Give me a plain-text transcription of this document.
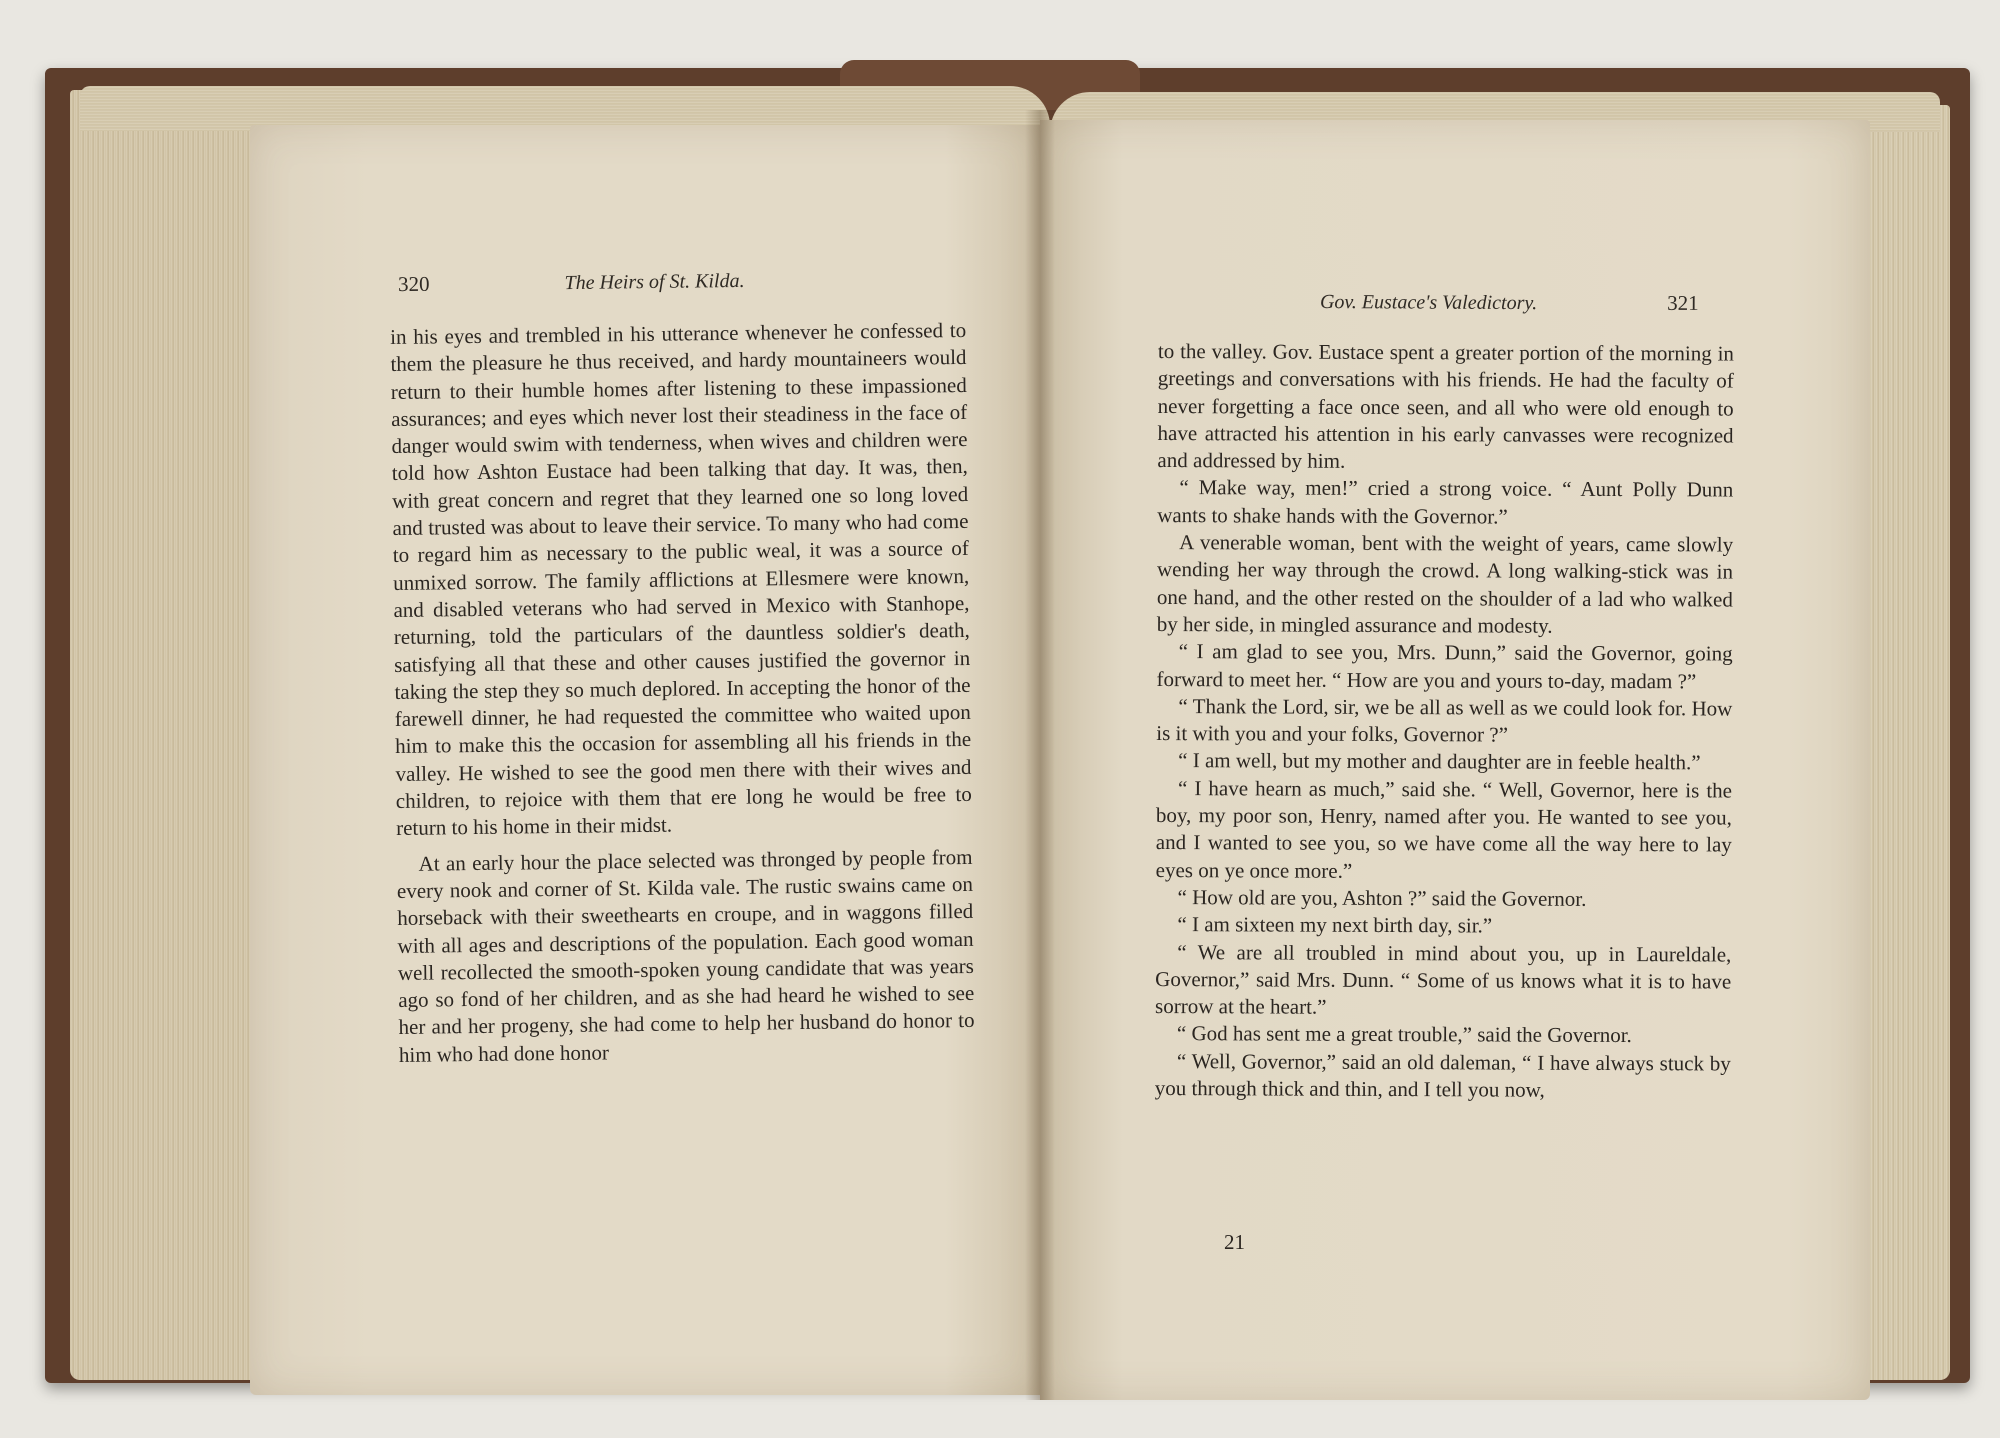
320	The Heirs of St. Kilda.
Gov. Eustace's Valedictory.	321

in his eyes and trembled in his utterance whenever he confessed to them the pleasure he thus received, and hardy mountaineers would return to their humble homes after listening to these impassioned assurances; and eyes which never lost their steadiness in the face of danger would swim with tenderness, when wives and children were told how Ashton Eustace had been talking that day. It was, then, with great concern and regret that they learned one so long loved and trusted was about to leave their service. To many who had come to regard him as necessary to the public weal, it was a source of unmixed sorrow. The family afflictions at Ellesmere were known, and disabled veterans who had served in Mexico with Stanhope, returning, told the particulars of the dauntless soldier's death, satisfying all that these and other causes justified the governor in taking the step they so much deplored. In accepting the honor of the farewell dinner, he had requested the committee who waited upon him to make this the occasion for assembling all his friends in the valley. He wished to see the good men there with their wives and children, to rejoice with them that ere long he would be free to return to his home in their midst.

At an early hour the place selected was thronged by people from every nook and corner of St. Kilda vale. The rustic swains came on horseback with their sweethearts en croupe, and in waggons filled with all ages and descriptions of the population. Each good woman well recollected the smooth-spoken young candidate that was years ago so fond of her children, and as she had heard he wished to see her and her progeny, she had come to help her husband do honor to him who had done honor

to the valley. Gov. Eustace spent a greater portion of the morning in greetings and conversations with his friends. He had the faculty of never forgetting a face once seen, and all who were old enough to have attracted his attention in his early canvasses were recognized and addressed by him.

“ Make way, men!” cried a strong voice. “ Aunt Polly Dunn wants to shake hands with the Governor.”

A venerable woman, bent with the weight of years, came slowly wending her way through the crowd. A long walking-stick was in one hand, and the other rested on the shoulder of a lad who walked by her side, in mingled assurance and modesty.

“ I am glad to see you, Mrs. Dunn,” said the Governor, going forward to meet her. “ How are you and yours to-day, madam ?”

“ Thank the Lord, sir, we be all as well as we could look for. How is it with you and your folks, Governor ?”

“ I am well, but my mother and daughter are in feeble health.”

“ I have hearn as much,” said she. “ Well, Governor, here is the boy, my poor son, Henry, named after you. He wanted to see you, and I wanted to see you, so we have come all the way here to lay eyes on ye once more.”

“ How old are you, Ashton ?” said the Governor.

“ I am sixteen my next birth day, sir.”

“ We are all troubled in mind about you, up in Laureldale, Governor,” said Mrs. Dunn. “ Some of us knows what it is to have sorrow at the heart.”

“ God has sent me a great trouble,” said the Governor.

“ Well, Governor,” said an old daleman, “ I have always stuck by you through thick and thin, and I tell you now,

21
